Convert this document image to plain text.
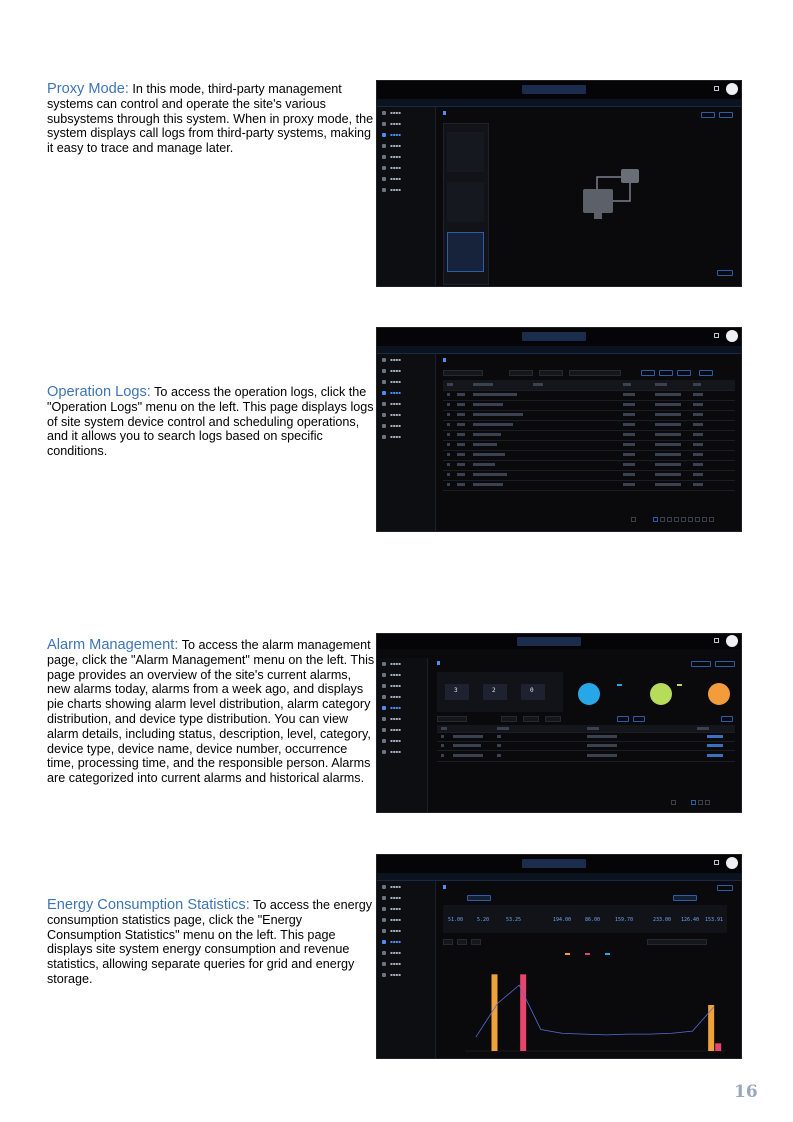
Proxy Mode: In this mode, third-party management systems can control and operate the site's various subsystems through this system. When in proxy mode, the system displays call logs from third-party systems, making it easy to trace and manage later.
Operation Logs: To access the operation logs, click the "Operation Logs" menu on the left. This page displays logs of site system device control and scheduling operations, and it allows you to search logs based on specific conditions.
Alarm Management: To access the alarm management page, click the "Alarm Management" menu on the left. This page provides an overview of the site's current alarms, new alarms today, alarms from a week ago, and displays pie charts showing alarm level distribution, alarm category distribution, and device type distribution. You can view alarm details, including status, description, level, category, device type, device name, device number, occurrence time, processing time, and the responsible person. Alarms are categorized into current alarms and historical alarms.
Energy Consumption Statistics: To access the energy consumption statistics page, click the "Energy Consumption Statistics" menu on the left. This page displays site system energy consumption and revenue statistics, allowing separate queries for grid and energy storage.
▪▪▪▪
▪▪▪▪
▪▪▪▪
▪▪▪▪
▪▪▪▪
▪▪▪▪
▪▪▪▪
▪▪▪▪
▪▪▪▪
▪▪▪▪
▪▪▪▪
▪▪▪▪
▪▪▪▪
▪▪▪▪
▪▪▪▪
▪▪▪▪
▪▪▪▪
▪▪▪▪
▪▪▪▪
▪▪▪▪
▪▪▪▪
▪▪▪▪
▪▪▪▪
▪▪▪▪
▪▪▪▪
3	2	0
▪▪▪▪
▪▪▪▪
▪▪▪▪
▪▪▪▪
▪▪▪▪
▪▪▪▪
▪▪▪▪
▪▪▪▪
▪▪▪▪
51.00	5.20	53.25	194.00	86.00	159.70	233.00 126.40 153.91
16
